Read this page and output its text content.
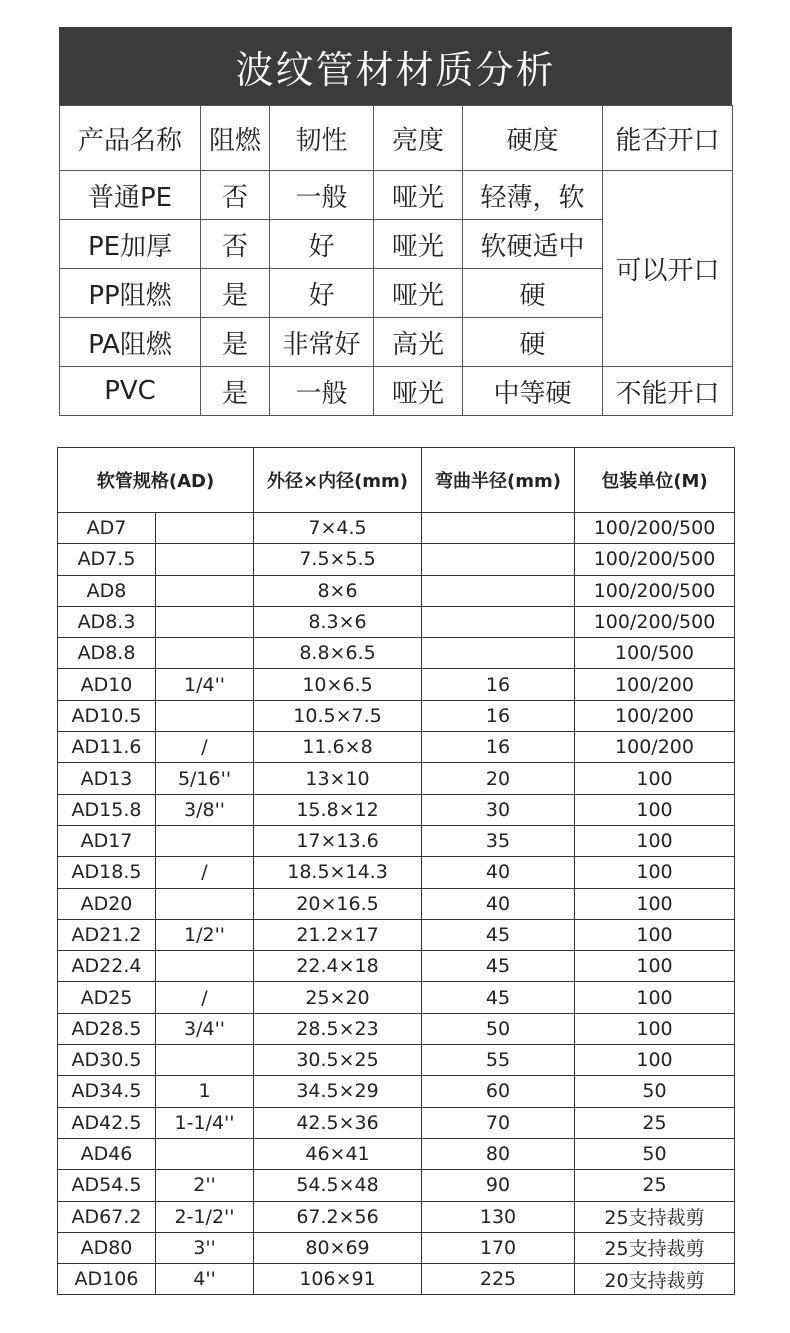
波纹管材材质分析
产品名称	阻燃	韧性	亮度	硬度	能否开口
普通PE	否	一般	哑光	轻薄，软	可以开口
PE加厚	否	好	哑光	软硬适中	
PP阻燃	是	好	哑光	硬	
PA阻燃	是	非常好	高光	硬	
PVC	是	一般	哑光	中等硬	不能开口
软管规格(AD)		外径×内径(mm)	弯曲半径(mm)	包装单位(M)
AD7		7×4.5		100/200/500
AD7.5		7.5×5.5		100/200/500
AD8		8×6		100/200/500
AD8.3		8.3×6		100/200/500
AD8.8		8.8×6.5		100/500
AD10	1/4''	10×6.5	16	100/200
AD10.5		10.5×7.5	16	100/200
AD11.6	/	11.6×8	16	100/200
AD13	5/16''	13×10	20	100
AD15.8	3/8''	15.8×12	30	100
AD17		17×13.6	35	100
AD18.5	/	18.5×14.3	40	100
AD20		20×16.5	40	100
AD21.2	1/2''	21.2×17	45	100
AD22.4		22.4×18	45	100
AD25	/	25×20	45	100
AD28.5	3/4''	28.5×23	50	100
AD30.5		30.5×25	55	100
AD34.5	1	34.5×29	60	50
AD42.5	1-1/4''	42.5×36	70	25
AD46		46×41	80	50
AD54.5	2''	54.5×48	90	25
AD67.2	2-1/2''	67.2×56	130	25支持裁剪
AD80	3''	80×69	170	25支持裁剪
AD106	4''	106×91	225	20支持裁剪
